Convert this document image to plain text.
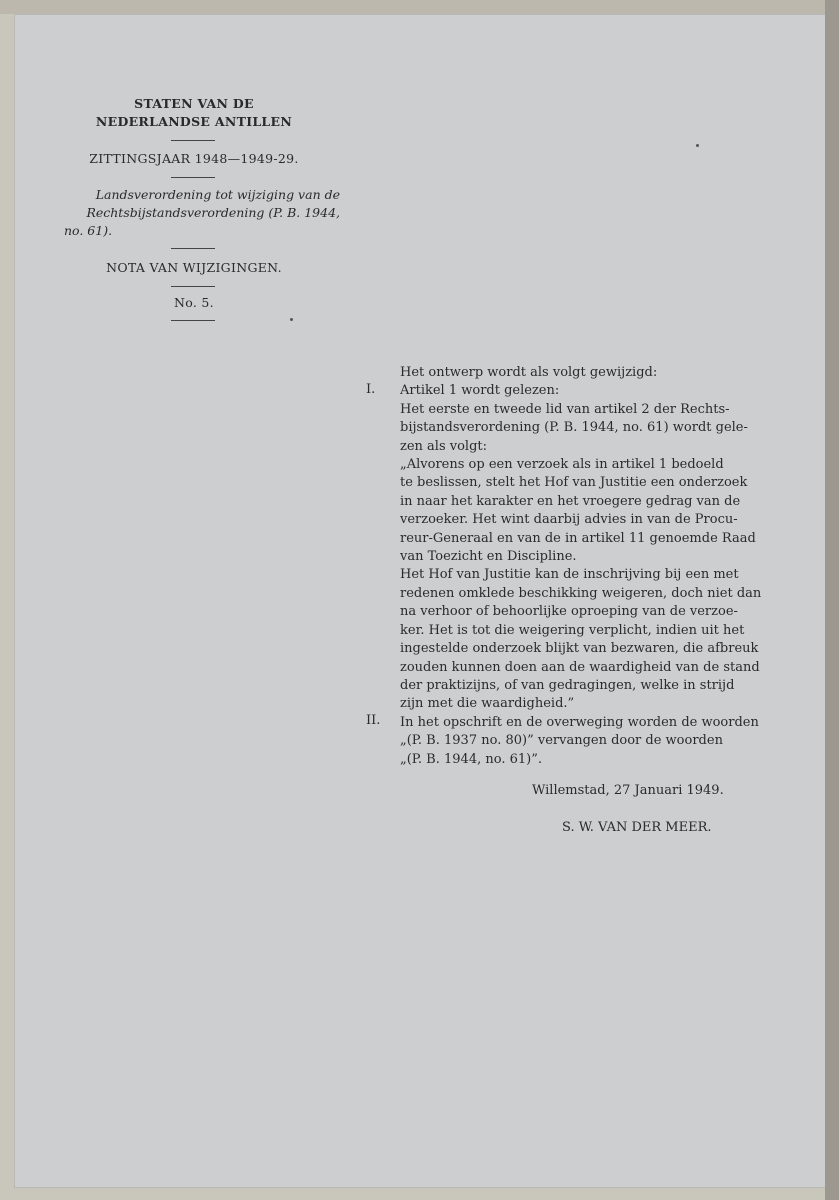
STATEN VAN DE
NEDERLANDSE ANTILLEN
ZITTINGSJAAR 1948—1949-29.
Landsverordening tot wijziging van de
Rechtsbijstandsverordening (P. B. 1944,
no. 61).
NOTA VAN WIJZIGINGEN.
No. 5.
Het ontwerp wordt als volgt gewijzigd:
Artikel 1 wordt gelezen:
Het eerste en tweede lid van artikel 2 der Rechts-
bijstandsverordening (P. B. 1944, no. 61) wordt gele-
zen als volgt:
„Alvorens op een verzoek als in artikel 1 bedoeld
te beslissen, stelt het Hof van Justitie een onderzoek
in naar het karakter en het vroegere gedrag van de
verzoeker. Het wint daarbij advies in van de Procu-
reur-Generaal en van de in artikel 11 genoemde Raad
van Toezicht en Discipline.
Het Hof van Justitie kan de inschrijving bij een met
redenen omklede beschikking weigeren, doch niet dan
na verhoor of behoorlijke oproeping van de verzoe-
ker. Het is tot die weigering verplicht, indien uit het
ingestelde onderzoek blijkt van bezwaren, die afbreuk
zouden kunnen doen aan de waardigheid van de stand
der praktizijns, of van gedragingen, welke in strijd
zijn met die waardigheid.”
In het opschrift en de overweging worden de woorden
„(P. B. 1937 no. 80)” vervangen door de woorden
„(P. B. 1944, no. 61)”.
I.
II.
Willemstad, 27 Januari 1949.
S. W. VAN DER MEER.
